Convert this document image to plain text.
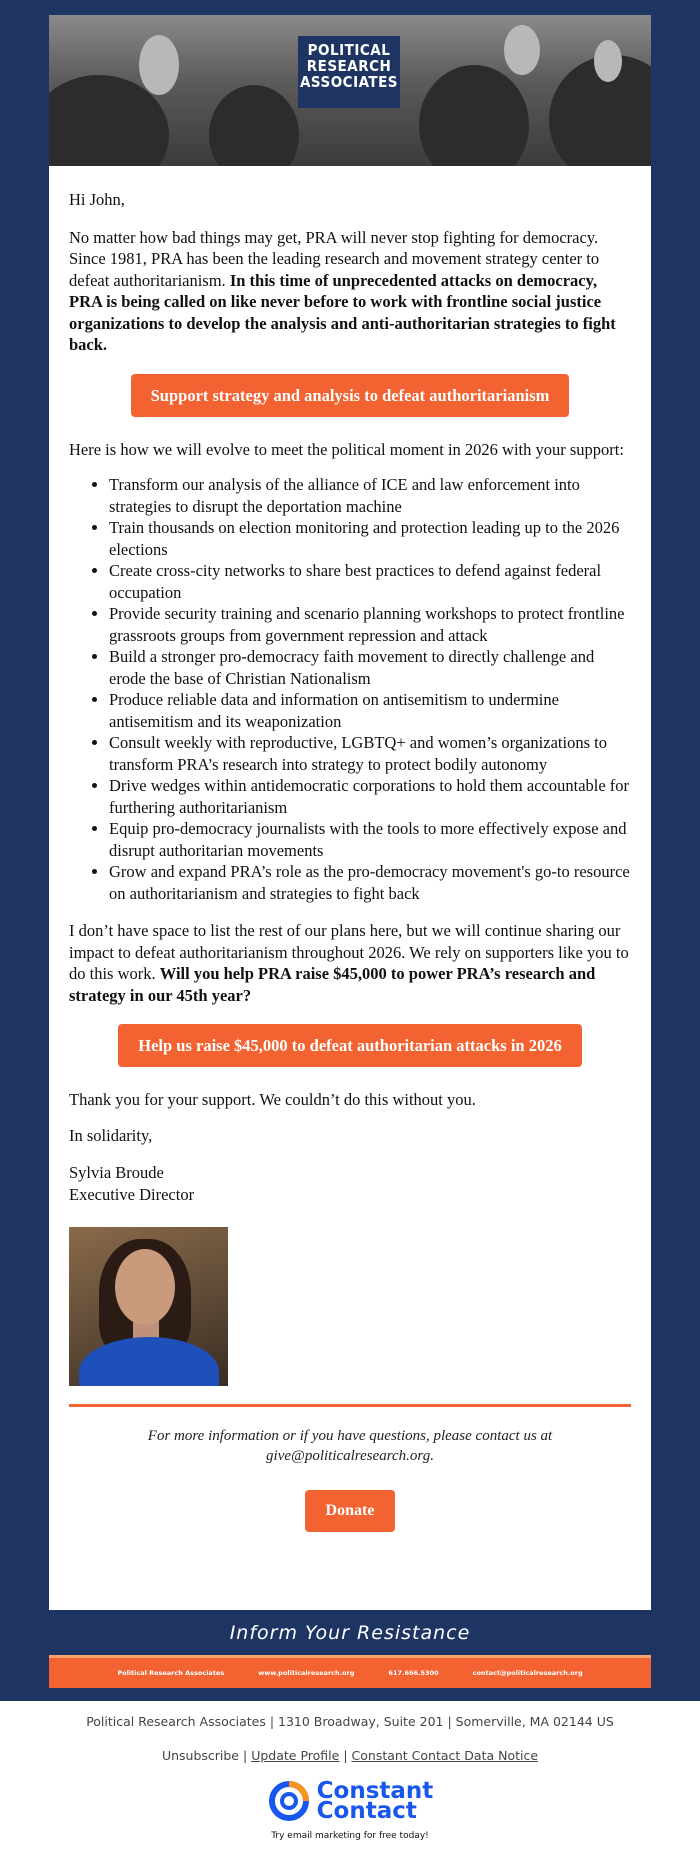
POLITICAL
RESEARCH
ASSOCIATES

Hi John,

No matter how bad things may get, PRA will never stop fighting for democracy. Since 1981, PRA has been the leading research and movement strategy center to defeat authoritarianism. In this time of unprecedented attacks on democracy, PRA is being called on like never before to work with frontline social justice organizations to develop the analysis and anti-authoritarian strategies to fight back.

Support strategy and analysis to defeat authoritarianism

Here is how we will evolve to meet the political moment in 2026 with your support:

• Transform our analysis of the alliance of ICE and law enforcement into strategies to disrupt the deportation machine
• Train thousands on election monitoring and protection leading up to the 2026 elections
• Create cross-city networks to share best practices to defend against federal occupation
• Provide security training and scenario planning workshops to protect frontline grassroots groups from government repression and attack
• Build a stronger pro-democracy faith movement to directly challenge and erode the base of Christian Nationalism
• Produce reliable data and information on antisemitism to undermine antisemitism and its weaponization
• Consult weekly with reproductive, LGBTQ+ and women’s organizations to transform PRA’s research into strategy to protect bodily autonomy
• Drive wedges within antidemocratic corporations to hold them accountable for furthering authoritarianism
• Equip pro-democracy journalists with the tools to more effectively expose and disrupt authoritarian movements
• Grow and expand PRA’s role as the pro-democracy movement's go-to resource on authoritarianism and strategies to fight back

I don’t have space to list the rest of our plans here, but we will continue sharing our impact to defeat authoritarianism throughout 2026. We rely on supporters like you to do this work. Will you help PRA raise $45,000 to power PRA’s research and strategy in our 45th year?

Help us raise $45,000 to defeat authoritarian attacks in 2026

Thank you for your support. We couldn’t do this without you.

In solidarity,

Sylvia Broude
Executive Director
For more information or if you have questions, please contact us at
give@politicalresearch.org.
Donate
Inform Your Resistance
Political Research Associates	www.politicalresearch.org	617.666.5300	contact@politicalresearch.org
Political Research Associates | 1310 Broadway, Suite 201 | Somerville, MA 02144 US
Unsubscribe | Update Profile | Constant Contact Data Notice
Constant
Contact
Try email marketing for free today!
